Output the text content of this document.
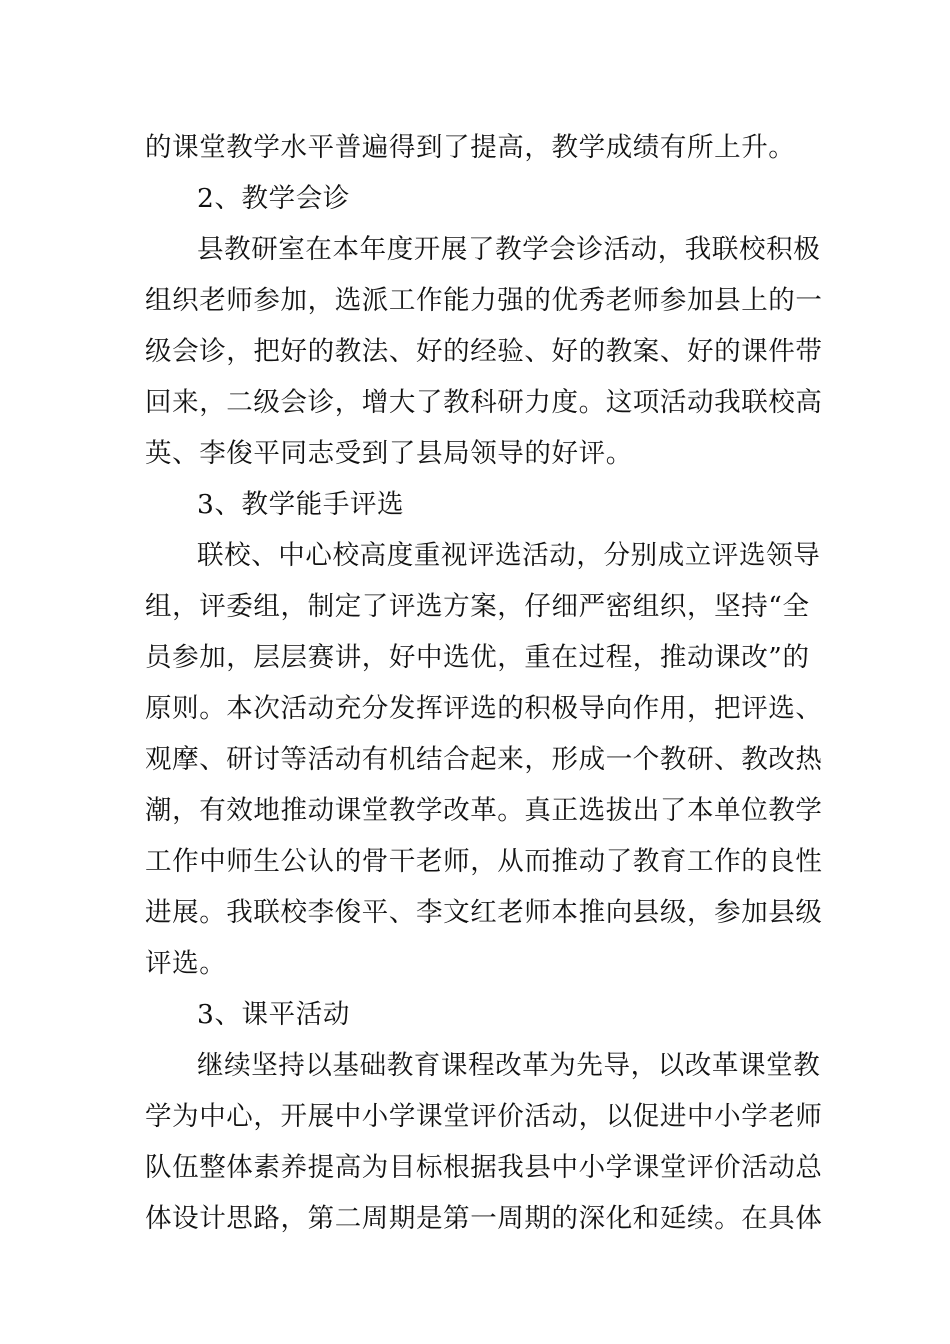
的课堂教学水平普遍得到了提高，教学成绩有所上升。
2、教学会诊
县教研室在本年度开展了教学会诊活动，我联校积极
组织老师参加，选派工作能力强的优秀老师参加县上的一
级会诊，把好的教法、好的经验、好的教案、好的课件带
回来，二级会诊，增大了教科研力度。这项活动我联校高
英、李俊平同志受到了县局领导的好评。
3、教学能手评选
联校、中心校高度重视评选活动，分别成立评选领导
组，评委组，制定了评选方案，仔细严密组织，坚持“全
员参加，层层赛讲，好中选优，重在过程，推动课改”的
原则。本次活动充分发挥评选的积极导向作用，把评选、
观摩、研讨等活动有机结合起来，形成一个教研、教改热
潮，有效地推动课堂教学改革。真正选拔出了本单位教学
工作中师生公认的骨干老师，从而推动了教育工作的良性
进展。我联校李俊平、李文红老师本推向县级，参加县级
评选。
3、课平活动
继续坚持以基础教育课程改革为先导，以改革课堂教
学为中心，开展中小学课堂评价活动，以促进中小学老师
队伍整体素养提高为目标根据我县中小学课堂评价活动总
体设计思路，第二周期是第一周期的深化和延续。在具体
